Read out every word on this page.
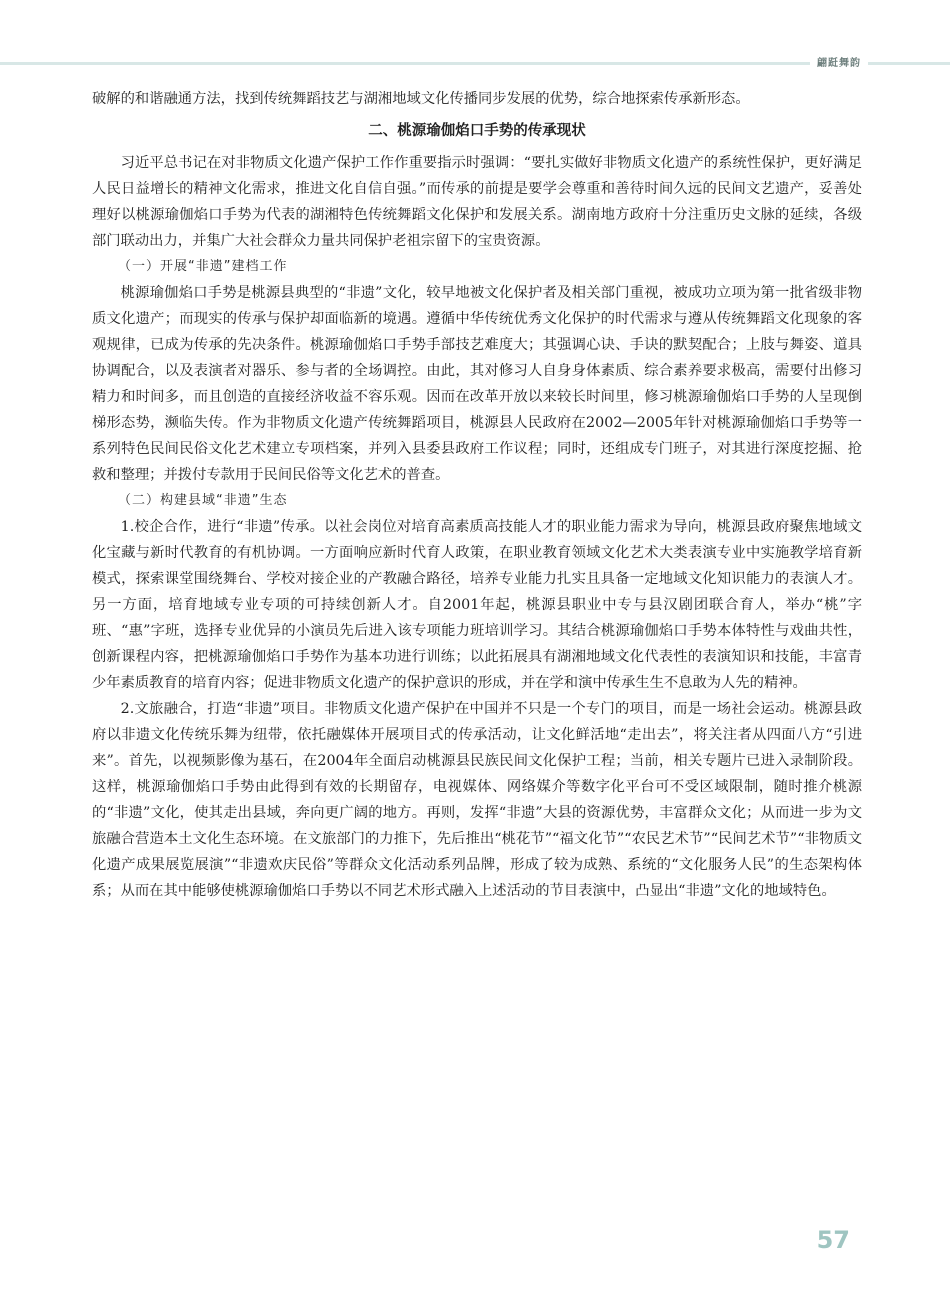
翩跹舞韵

破解的和谐融通方法，找到传统舞蹈技艺与湖湘地域文化传播同步发展的优势，综合地探索传承新形态。

二、桃源瑜伽焰口手势的传承现状

习近平总书记在对非物质文化遗产保护工作作重要指示时强调：“要扎实做好非物质文化遗产的系统性保护，更好满足人民日益增长的精神文化需求，推进文化自信自强。”而传承的前提是要学会尊重和善待时间久远的民间文艺遗产，妥善处理好以桃源瑜伽焰口手势为代表的湖湘特色传统舞蹈文化保护和发展关系。湖南地方政府十分注重历史文脉的延续，各级部门联动出力，并集广大社会群众力量共同保护老祖宗留下的宝贵资源。

（一）开展“非遗”建档工作

桃源瑜伽焰口手势是桃源县典型的“非遗”文化，较早地被文化保护者及相关部门重视，被成功立项为第一批省级非物质文化遗产；而现实的传承与保护却面临新的境遇。遵循中华传统优秀文化保护的时代需求与遵从传统舞蹈文化现象的客观规律，已成为传承的先决条件。桃源瑜伽焰口手势手部技艺难度大；其强调心诀、手诀的默契配合；上肢与舞姿、道具协调配合，以及表演者对器乐、参与者的全场调控。由此，其对修习人自身身体素质、综合素养要求极高，需要付出修习精力和时间多，而且创造的直接经济收益不容乐观。因而在改革开放以来较长时间里，修习桃源瑜伽焰口手势的人呈现倒梯形态势，濒临失传。作为非物质文化遗产传统舞蹈项目，桃源县人民政府在2002—2005年针对桃源瑜伽焰口手势等一系列特色民间民俗文化艺术建立专项档案，并列入县委县政府工作议程；同时，还组成专门班子，对其进行深度挖掘、抢救和整理；并拨付专款用于民间民俗等文化艺术的普查。

（二）构建县域“非遗”生态

1.校企合作，进行“非遗”传承。以社会岗位对培育高素质高技能人才的职业能力需求为导向，桃源县政府聚焦地域文化宝藏与新时代教育的有机协调。一方面响应新时代育人政策，在职业教育领域文化艺术大类表演专业中实施教学培育新模式，探索课堂围绕舞台、学校对接企业的产教融合路径，培养专业能力扎实且具备一定地域文化知识能力的表演人才。另一方面，培育地域专业专项的可持续创新人才。自2001年起，桃源县职业中专与县汉剧团联合育人，举办“桃”字班、“惠”字班，选择专业优异的小演员先后进入该专项能力班培训学习。其结合桃源瑜伽焰口手势本体特性与戏曲共性，创新课程内容，把桃源瑜伽焰口手势作为基本功进行训练；以此拓展具有湖湘地域文化代表性的表演知识和技能，丰富青少年素质教育的培育内容；促进非物质文化遗产的保护意识的形成，并在学和演中传承生生不息敢为人先的精神。

2.文旅融合，打造“非遗”项目。非物质文化遗产保护在中国并不只是一个专门的项目，而是一场社会运动。桃源县政府以非遗文化传统乐舞为纽带，依托融媒体开展项目式的传承活动，让文化鲜活地“走出去”，将关注者从四面八方“引进来”。首先，以视频影像为基石，在2004年全面启动桃源县民族民间文化保护工程；当前，相关专题片已进入录制阶段。这样，桃源瑜伽焰口手势由此得到有效的长期留存，电视媒体、网络媒介等数字化平台可不受区域限制，随时推介桃源的“非遗”文化，使其走出县域，奔向更广阔的地方。再则，发挥“非遗”大县的资源优势，丰富群众文化；从而进一步为文旅融合营造本土文化生态环境。在文旅部门的力推下，先后推出“桃花节”“福文化节”“农民艺术节”“民间艺术节”“非物质文化遗产成果展览展演”“非遗欢庆民俗”等群众文化活动系列品牌，形成了较为成熟、系统的“文化服务人民”的生态架构体系；从而在其中能够使桃源瑜伽焰口手势以不同艺术形式融入上述活动的节目表演中，凸显出“非遗”文化的地域特色。

57
